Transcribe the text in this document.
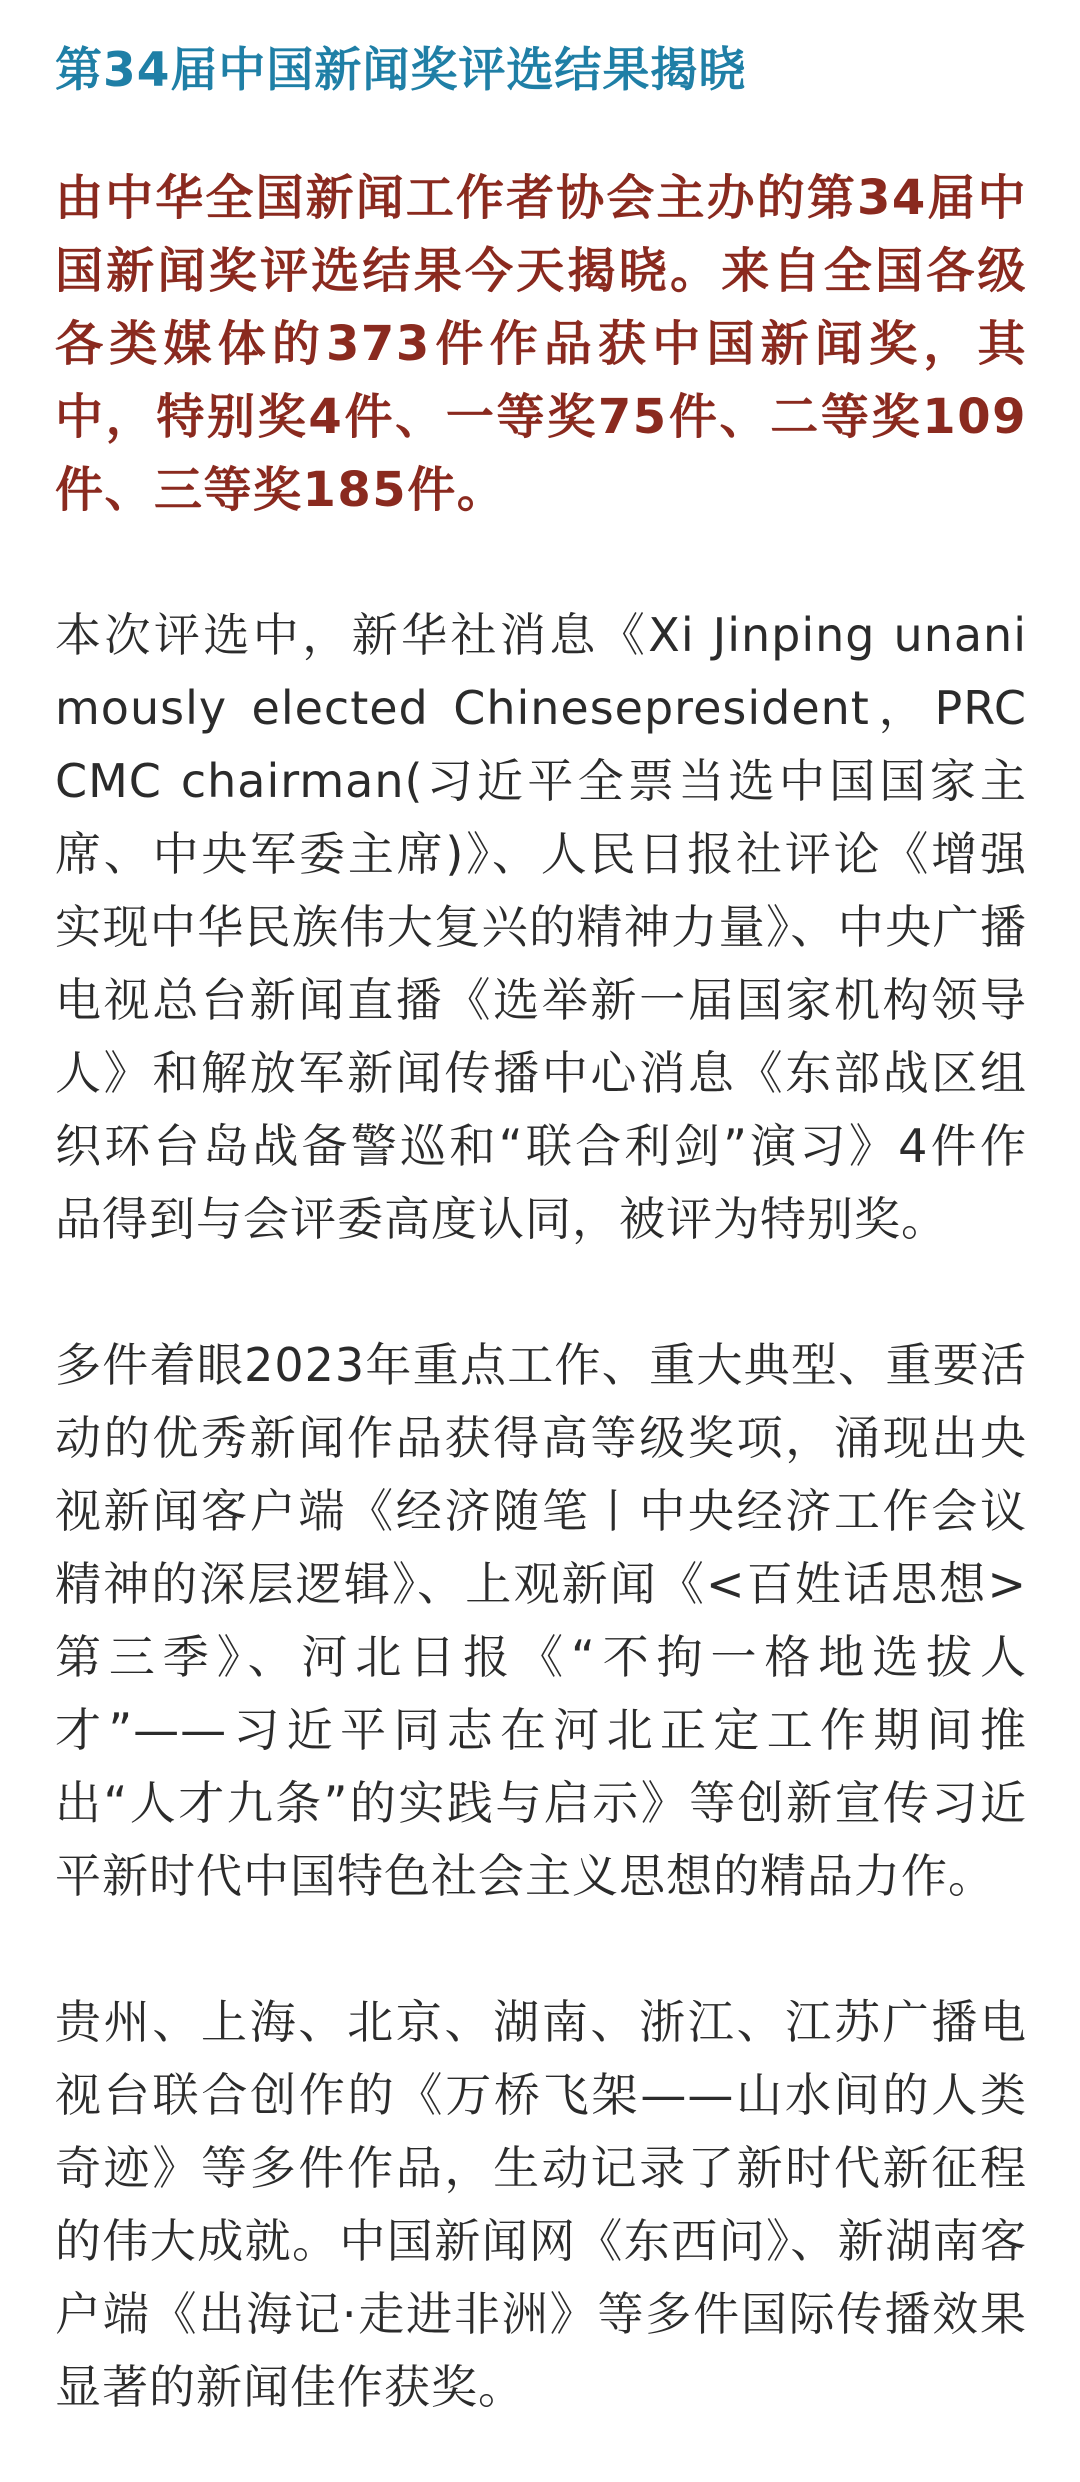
第34届中国新闻奖评选结果揭晓

由中华全国新闻工作者协会主办的第34届中国新闻奖评选结果今天揭晓。来自全国各级各类媒体的373件作品获中国新闻奖，其中，特别奖4件、一等奖75件、二等奖109件、三等奖185件。

本次评选中，新华社消息《Xi Jinping unanimously elected Chinesepresident，PRC CMC chairman(习近平全票当选中国国家主席、中央军委主席)》、人民日报社评论《增强实现中华民族伟大复兴的精神力量》、中央广播电视总台新闻直播《选举新一届国家机构领导人》和解放军新闻传播中心消息《东部战区组织环台岛战备警巡和“联合利剑”演习》4件作品得到与会评委高度认同，被评为特别奖。

多件着眼2023年重点工作、重大典型、重要活动的优秀新闻作品获得高等级奖项，涌现出央视新闻客户端《经济随笔丨中央经济工作会议精神的深层逻辑》、上观新闻《<百姓话思想>第三季》、河北日报《“不拘一格地选拔人才”——习近平同志在河北正定工作期间推出“人才九条”的实践与启示》等创新宣传习近平新时代中国特色社会主义思想的精品力作。

贵州、上海、北京、湖南、浙江、江苏广播电视台联合创作的《万桥飞架——山水间的人类奇迹》等多件作品，生动记录了新时代新征程的伟大成就。中国新闻网《东西问》、新湖南客户端《出海记·走进非洲》等多件国际传播效果显著的新闻佳作获奖。
